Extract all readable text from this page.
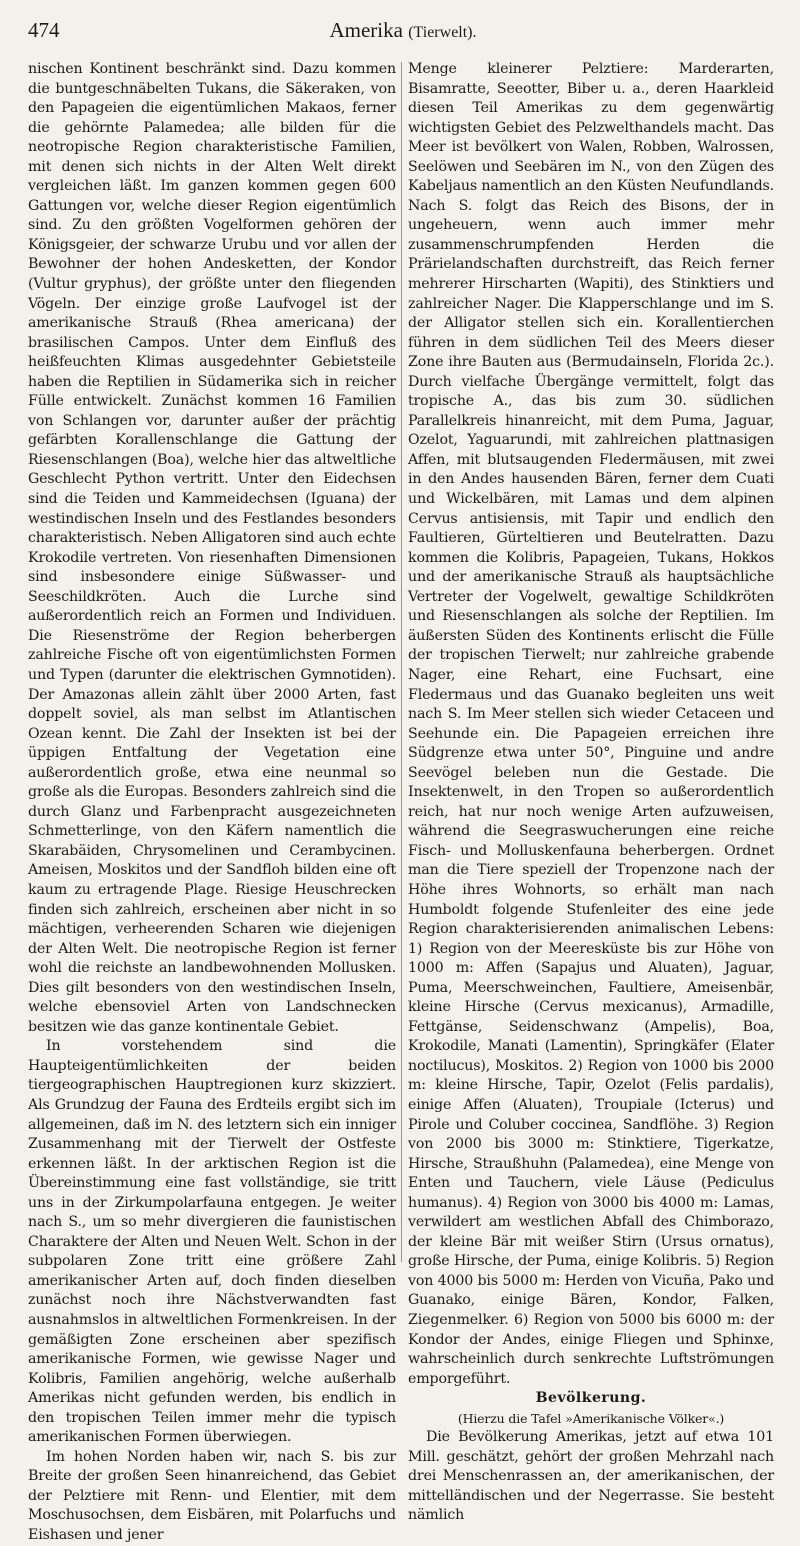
474	Amerika (Tierwelt).

nischen Kontinent beschränkt sind. Dazu kommen die buntgeschnäbelten Tukans, die Säkeraken, von den Papageien die eigentümlichen Makaos, ferner die gehörnte Palamedea; alle bilden für die neotropische Region charakteristische Familien, mit denen sich nichts in der Alten Welt direkt vergleichen läßt. Im ganzen kommen gegen 600 Gattungen vor, welche dieser Region eigentümlich sind. Zu den größten Vogelformen gehören der Königsgeier, der schwarze Urubu und vor allen der Bewohner der hohen Andesketten, der Kondor (Vultur gryphus), der größte unter den fliegenden Vögeln. Der einzige große Laufvogel ist der amerikanische Strauß (Rhea americana) der brasilischen Campos. Unter dem Einfluß des heißfeuchten Klimas ausgedehnter Gebietsteile haben die Reptilien in Südamerika sich in reicher Fülle entwickelt. Zunächst kommen 16 Familien von Schlangen vor, darunter außer der prächtig gefärbten Korallenschlange die Gattung der Riesenschlangen (Boa), welche hier das altweltliche Geschlecht Python vertritt. Unter den Eidechsen sind die Teiden und Kammeidechsen (Iguana) der westindischen Inseln und des Festlandes besonders charakteristisch. Neben Alligatoren sind auch echte Krokodile vertreten. Von riesenhaften Dimensionen sind insbesondere einige Süßwasser- und Seeschildkröten. Auch die Lurche sind außerordentlich reich an Formen und Individuen. Die Riesenströme der Region beherbergen zahlreiche Fische oft von eigentümlichsten Formen und Typen (darunter die elektrischen Gymnotiden). Der Amazonas allein zählt über 2000 Arten, fast doppelt soviel, als man selbst im Atlantischen Ozean kennt. Die Zahl der Insekten ist bei der üppigen Entfaltung der Vegetation eine außerordentlich große, etwa eine neunmal so große als die Europas. Besonders zahlreich sind die durch Glanz und Farbenpracht ausgezeichneten Schmetterlinge, von den Käfern namentlich die Skarabäiden, Chrysomelinen und Cerambycinen. Ameisen, Moskitos und der Sandfloh bilden eine oft kaum zu ertragende Plage. Riesige Heuschrecken finden sich zahlreich, erscheinen aber nicht in so mächtigen, verheerenden Scharen wie diejenigen der Alten Welt. Die neotropische Region ist ferner wohl die reichste an landbewohnenden Mollusken. Dies gilt besonders von den westindischen Inseln, welche ebensoviel Arten von Landschnecken besitzen wie das ganze kontinentale Gebiet.

In vorstehendem sind die Haupteigentümlichkeiten der beiden tiergeographischen Hauptregionen kurz skizziert. Als Grundzug der Fauna des Erdteils ergibt sich im allgemeinen, daß im N. des letztern sich ein inniger Zusammenhang mit der Tierwelt der Ostfeste erkennen läßt. In der arktischen Region ist die Übereinstimmung eine fast vollständige, sie tritt uns in der Zirkumpolarfauna entgegen. Je weiter nach S., um so mehr divergieren die faunistischen Charaktere der Alten und Neuen Welt. Schon in der subpolaren Zone tritt eine größere Zahl amerikanischer Arten auf, doch finden dieselben zunächst noch ihre Nächstverwandten fast ausnahmslos in altweltlichen Formenkreisen. In der gemäßigten Zone erscheinen aber spezifisch amerikanische Formen, wie gewisse Nager und Kolibris, Familien angehörig, welche außerhalb Amerikas nicht gefunden werden, bis endlich in den tropischen Teilen immer mehr die typisch amerikanischen Formen überwiegen.

Im hohen Norden haben wir, nach S. bis zur Breite der großen Seen hinanreichend, das Gebiet der Pelztiere mit Renn- und Elentier, mit dem Moschusochsen, dem Eisbären, mit Polarfuchs und Eishasen und jener

Menge kleinerer Pelztiere: Marderarten, Bisamratte, Seeotter, Biber u. a., deren Haarkleid diesen Teil Amerikas zu dem gegenwärtig wichtigsten Gebiet des Pelzwelthandels macht. Das Meer ist bevölkert von Walen, Robben, Walrossen, Seelöwen und Seebären im N., von den Zügen des Kabeljaus namentlich an den Küsten Neufundlands. Nach S. folgt das Reich des Bisons, der in ungeheuern, wenn auch immer mehr zusammenschrumpfenden Herden die Prärielandschaften durchstreift, das Reich ferner mehrerer Hirscharten (Wapiti), des Stinktiers und zahlreicher Nager. Die Klapperschlange und im S. der Alligator stellen sich ein. Korallentierchen führen in dem südlichen Teil des Meers dieser Zone ihre Bauten aus (Bermudainseln, Florida 2c.). Durch vielfache Übergänge vermittelt, folgt das tropische A., das bis zum 30. südlichen Parallelkreis hinanreicht, mit dem Puma, Jaguar, Ozelot, Yaguarundi, mit zahlreichen plattnasigen Affen, mit blutsaugenden Fledermäusen, mit zwei in den Andes hausenden Bären, ferner dem Cuati und Wickelbären, mit Lamas und dem alpinen Cervus antisiensis, mit Tapir und endlich den Faultieren, Gürteltieren und Beutelratten. Dazu kommen die Kolibris, Papageien, Tukans, Hokkos und der amerikanische Strauß als hauptsächliche Vertreter der Vogelwelt, gewaltige Schildkröten und Riesenschlangen als solche der Reptilien. Im äußersten Süden des Kontinents erlischt die Fülle der tropischen Tierwelt; nur zahlreiche grabende Nager, eine Rehart, eine Fuchsart, eine Fledermaus und das Guanako begleiten uns weit nach S. Im Meer stellen sich wieder Cetaceen und Seehunde ein. Die Papageien erreichen ihre Südgrenze etwa unter 50°, Pinguine und andre Seevögel beleben nun die Gestade. Die Insektenwelt, in den Tropen so außerordentlich reich, hat nur noch wenige Arten aufzuweisen, während die Seegraswucherungen eine reiche Fisch- und Molluskenfauna beherbergen. Ordnet man die Tiere speziell der Tropenzone nach der Höhe ihres Wohnorts, so erhält man nach Humboldt folgende Stufenleiter des eine jede Region charakterisierenden animalischen Lebens: 1) Region von der Meeresküste bis zur Höhe von 1000 m: Affen (Sapajus und Aluaten), Jaguar, Puma, Meerschweinchen, Faultiere, Ameisenbär, kleine Hirsche (Cervus mexicanus), Armadille, Fettgänse, Seidenschwanz (Ampelis), Boa, Krokodile, Manati (Lamentin), Springkäfer (Elater noctilucus), Moskitos. 2) Region von 1000 bis 2000 m: kleine Hirsche, Tapir, Ozelot (Felis pardalis), einige Affen (Aluaten), Troupiale (Icterus) und Pirole und Coluber coccinea, Sandflöhe. 3) Region von 2000 bis 3000 m: Stinktiere, Tigerkatze, Hirsche, Straußhuhn (Palamedea), eine Menge von Enten und Tauchern, viele Läuse (Pediculus humanus). 4) Region von 3000 bis 4000 m: Lamas, verwildert am westlichen Abfall des Chimborazo, der kleine Bär mit weißer Stirn (Ursus ornatus), große Hirsche, der Puma, einige Kolibris. 5) Region von 4000 bis 5000 m: Herden von Vicuña, Pako und Guanako, einige Bären, Kondor, Falken, Ziegenmelker. 6) Region von 5000 bis 6000 m: der Kondor der Andes, einige Fliegen und Sphinxe, wahrscheinlich durch senkrechte Luftströmungen emporgeführt.

Bevölkerung.
(Hierzu die Tafel »Amerikanische Völker«.)

Die Bevölkerung Amerikas, jetzt auf etwa 101 Mill. geschätzt, gehört der großen Mehrzahl nach drei Menschenrassen an, der amerikanischen, der mittelländischen und der Negerrasse. Sie besteht nämlich
